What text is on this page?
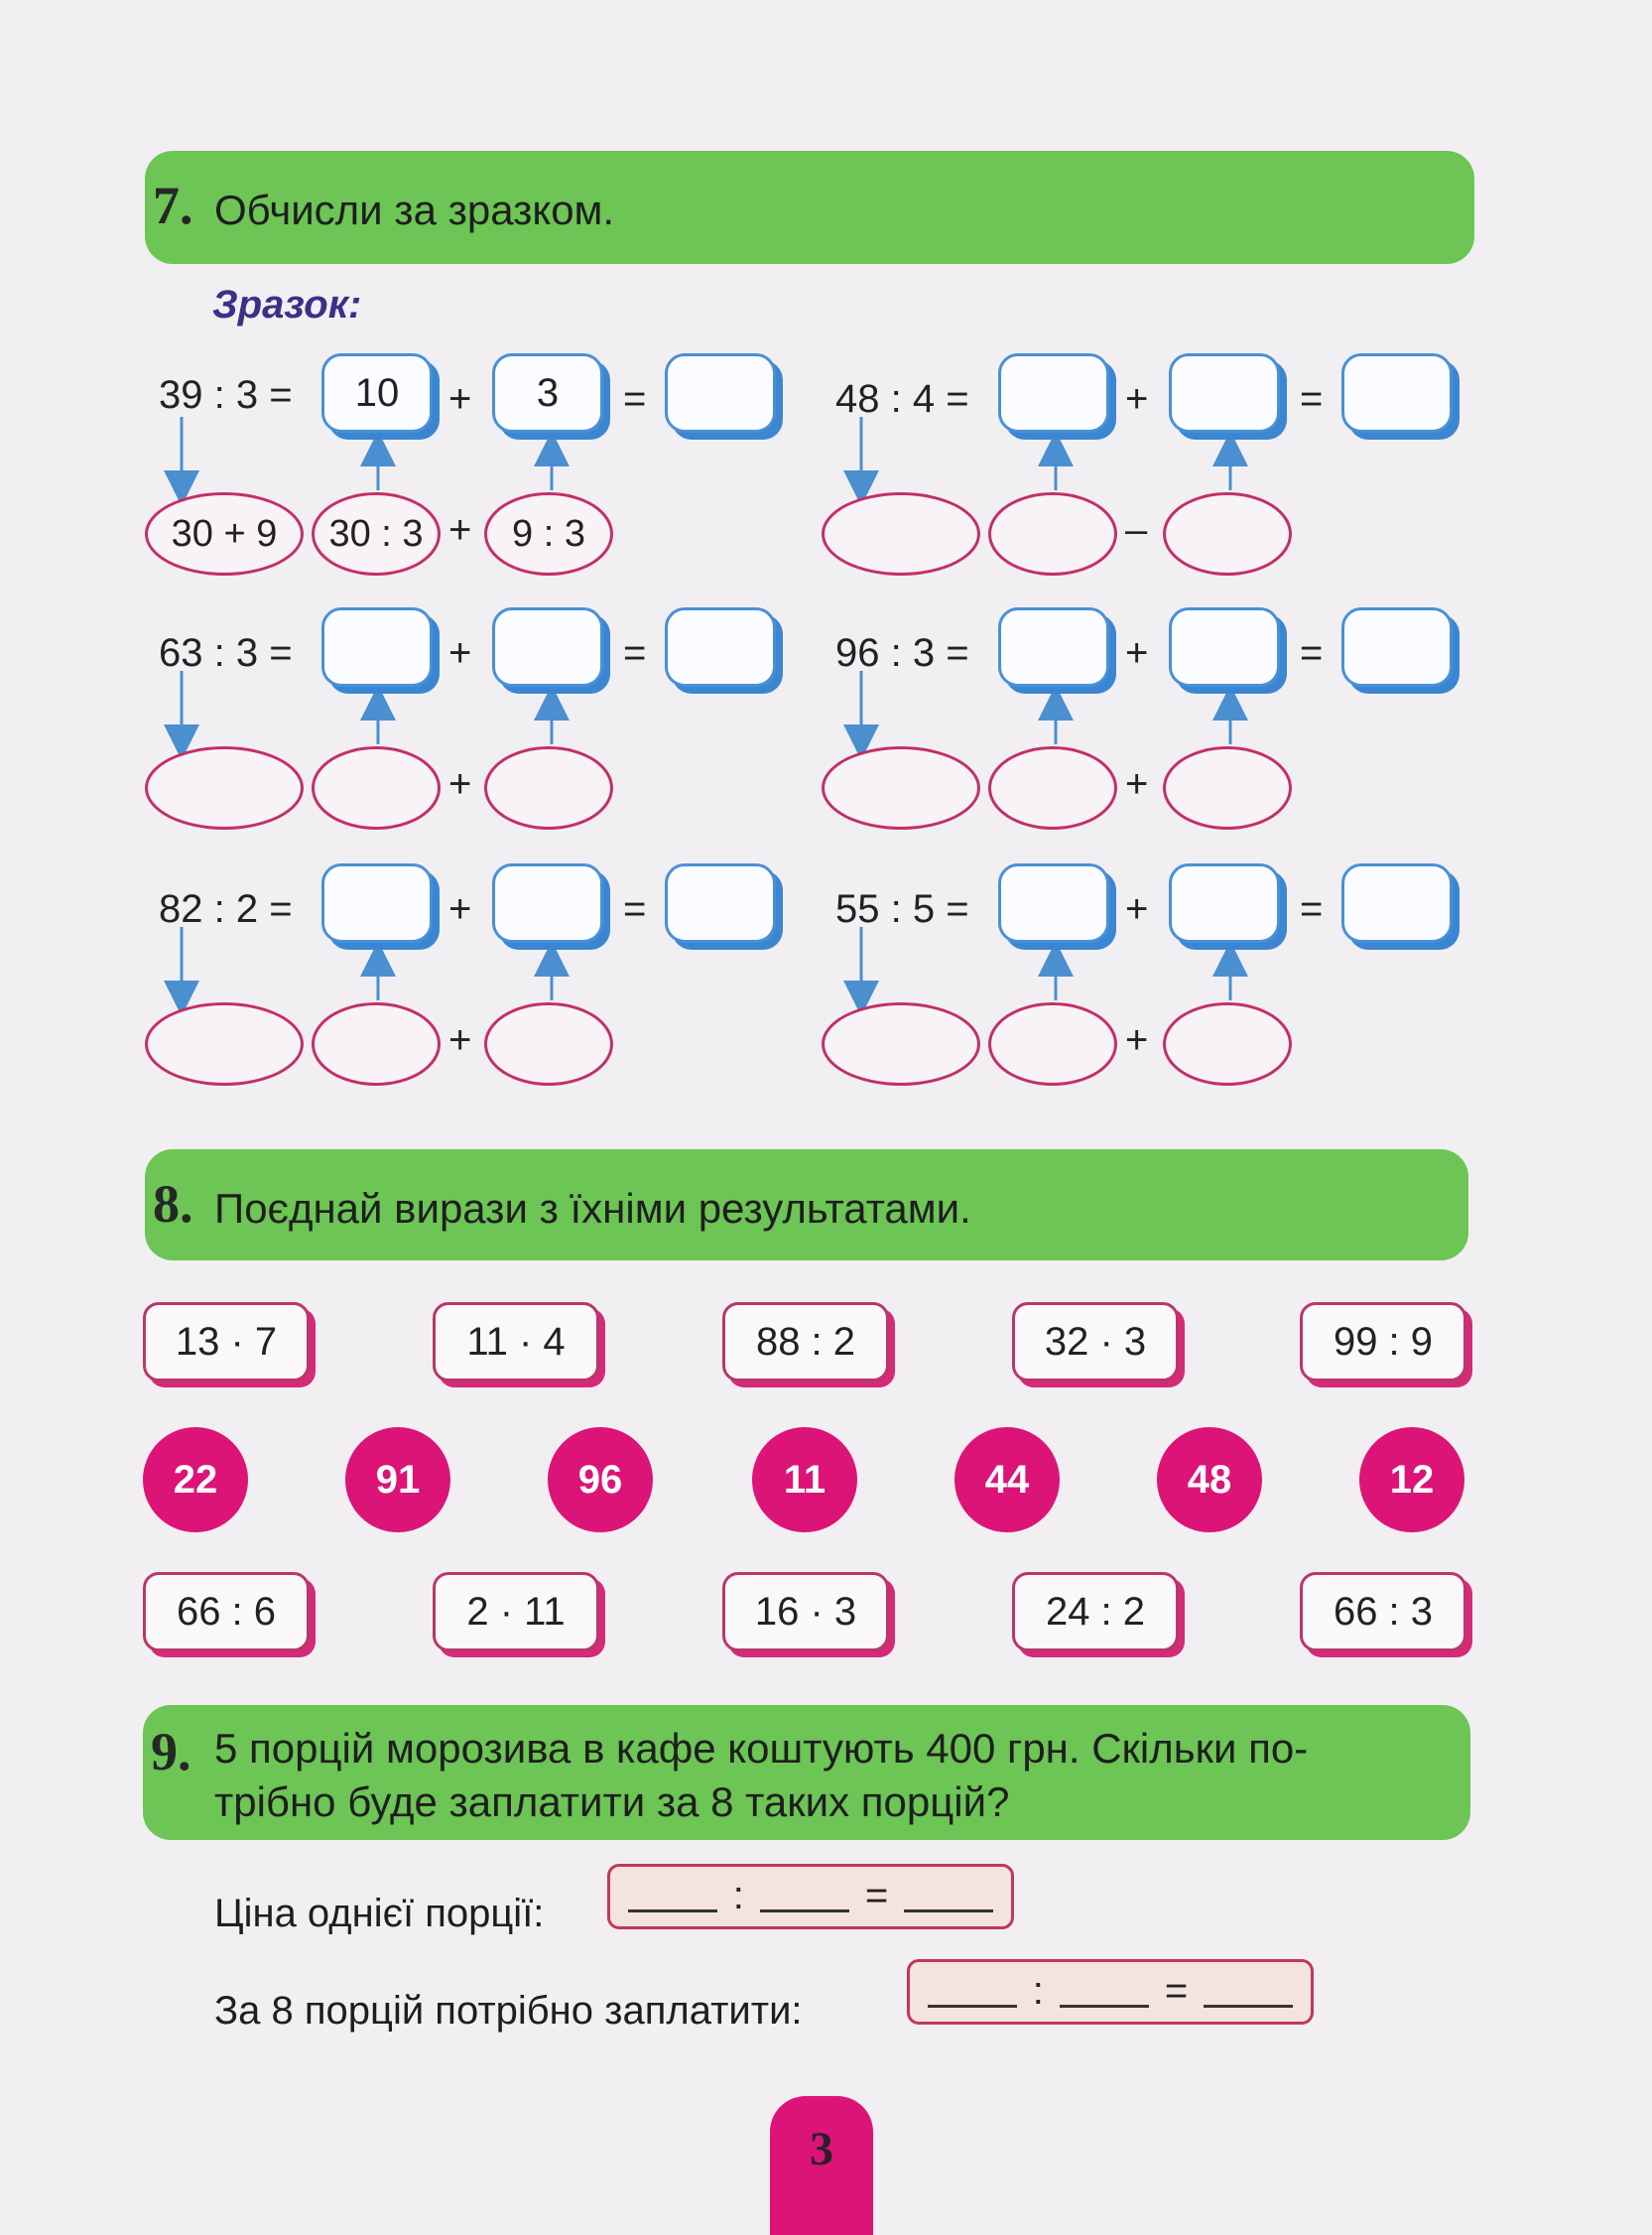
7. Обчисли за зразком.
Зразок:
39 : 3 =	10	+	3	=
30 + 9	30 : 3 +	9 : 3
48 : 4 =	+	=
–
63 : 3 =	+	=
+
96 : 3 =	+	=
+
82 : 2 =	+	=
+
55 : 5 =	+	=
+
8. Поєднай вирази з їхніми результатами.
13 · 7	11 · 4	88 : 2	32 · 3	99 : 9
22	91	96	11	44	48	12
66 : 6	2 · 11	16 · 3	24 : 2	66 : 3
9. 5 порцій морозива в кафе коштують 400 грн. Скільки по-
трібно буде заплатити за 8 таких порцій?
Ціна однієї порції:	:	=
За 8 порцій потрібно заплатити:	:	=
3
